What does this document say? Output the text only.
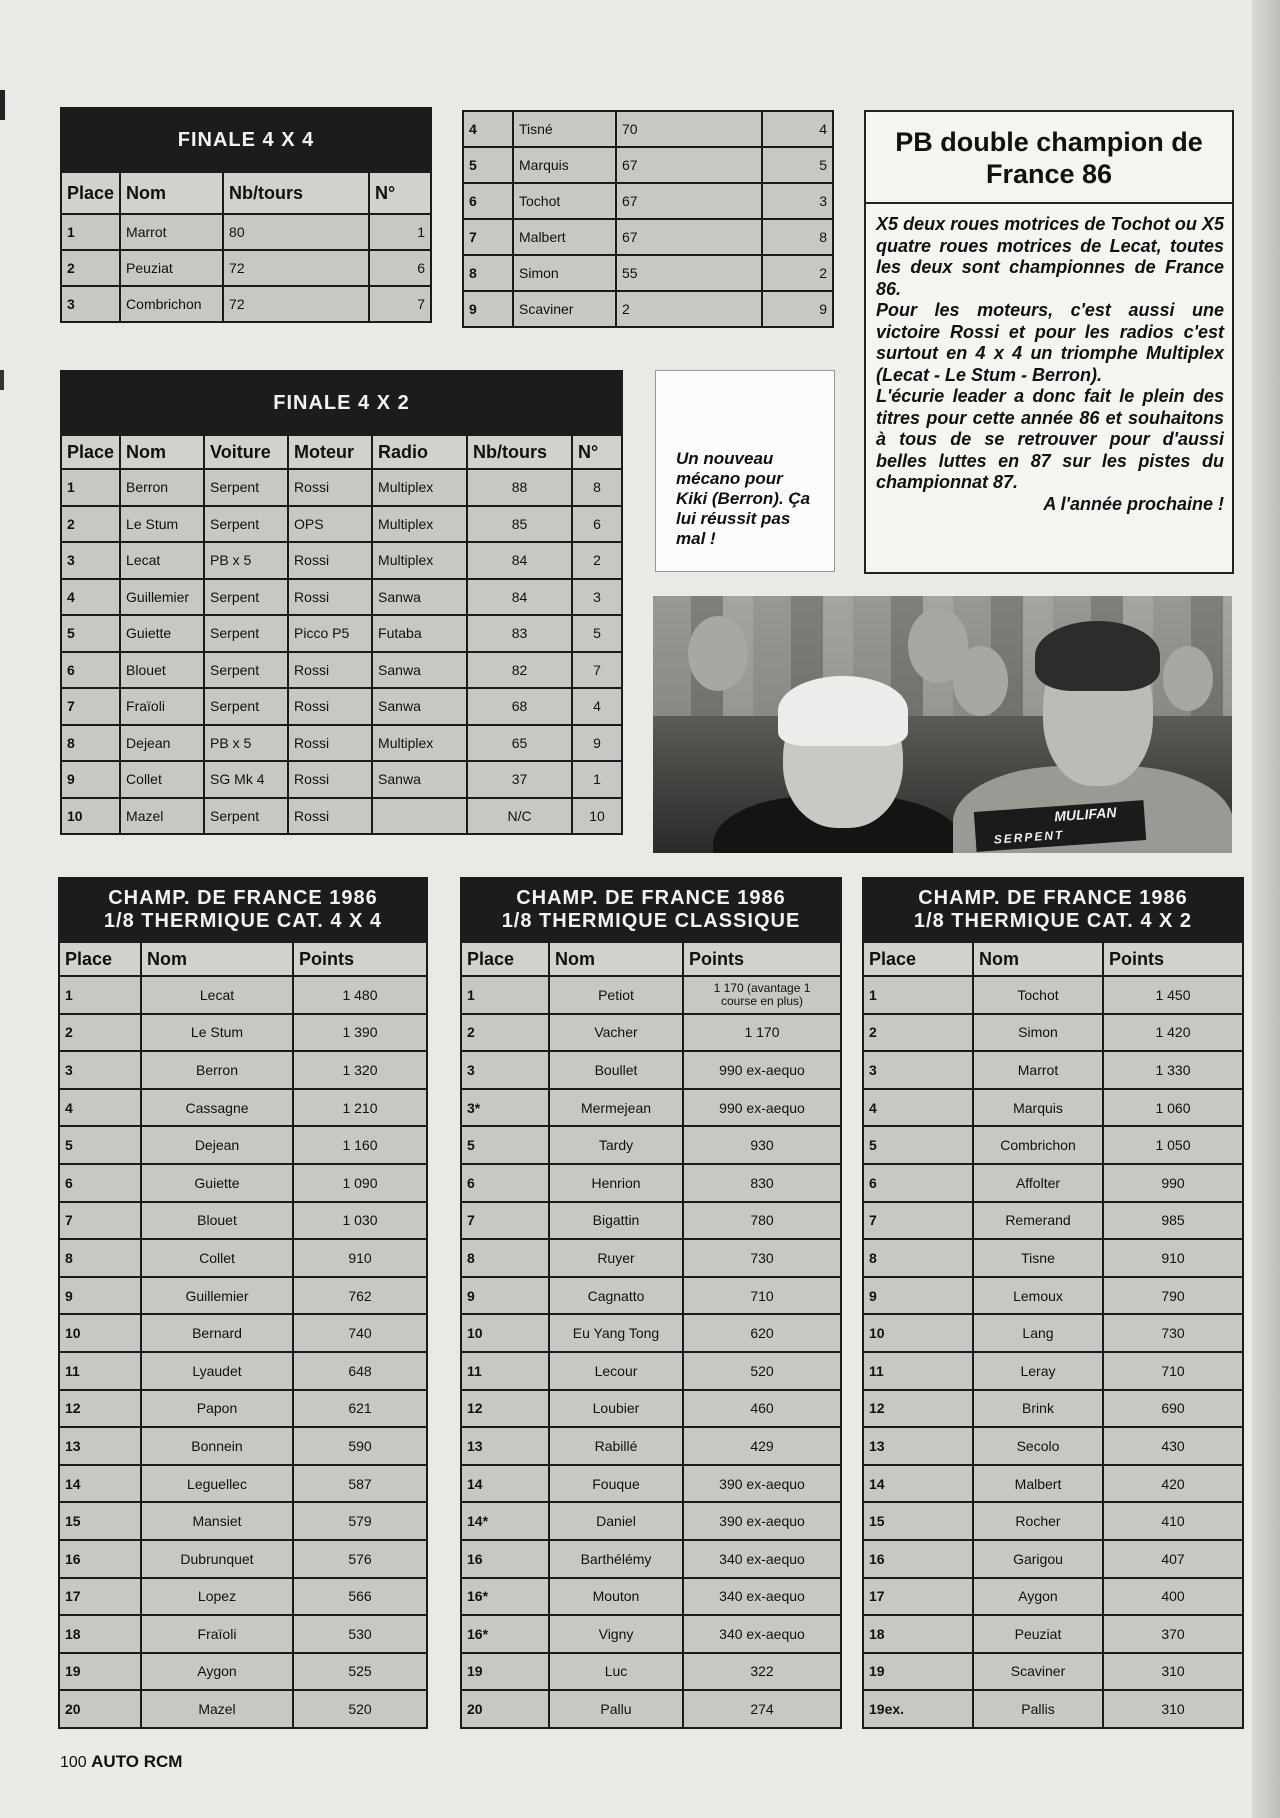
FINALE 4 X 4			
Place	Nom	Nb/tours	N°
1	Marrot	80	1
2	Peuziat	72	6
3	Combrichon	72	7
4	Tisné	70	4
5	Marquis	67	5
6	Tochot	67	3
7	Malbert	67	8
8	Simon	55	2
9	Scaviner	2	9
FINALE 4 X 2						
Place	Nom	Voiture	Moteur	Radio	Nb/tours	N°
1	Berron	Serpent	Rossi	Multiplex	88	8
2	Le Stum	Serpent	OPS	Multiplex	85	6
3	Lecat	PB x 5	Rossi	Multiplex	84	2
4	Guillemier	Serpent	Rossi	Sanwa	84	3
5	Guiette	Serpent	Picco P5	Futaba	83	5
6	Blouet	Serpent	Rossi	Sanwa	82	7
7	Fraïoli	Serpent	Rossi	Sanwa	68	4
8	Dejean	PB x 5	Rossi	Multiplex	65	9
9	Collet	SG Mk 4	Rossi	Sanwa	37	1
10	Mazel	Serpent	Rossi		N/C	10

Un nouveau mécano pour Kiki (Berron). Ça lui réussit pas mal !

PB double champion de France 86

X5 deux roues motrices de Tochot ou X5 quatre roues motrices de Lecat, toutes les deux sont championnes de France 86.

Pour les moteurs, c'est aussi une victoire Rossi et pour les radios c'est surtout en 4 x 4 un triomphe Multiplex (Lecat - Le Stum - Berron).

L'écurie leader a donc fait le plein des titres pour cette année 86 et souhaitons à tous de se retrouver pour d'aussi belles luttes en 87 sur les pistes du championnat 87.

A l'année prochaine !

MULIFAN
SERPENT
CHAMP. DE FRANCE 1986
1/8 THERMIQUE CAT. 4 X 4		
Place	Nom	Points
1	Lecat	1 480
2	Le Stum	1 390
3	Berron	1 320
4	Cassagne	1 210
5	Dejean	1 160
6	Guiette	1 090
7	Blouet	1 030
8	Collet	910
9	Guillemier	762
10	Bernard	740
11	Lyaudet	648
12	Papon	621
13	Bonnein	590
14	Leguellec	587
15	Mansiet	579
16	Dubrunquet	576
17	Lopez	566
18	Fraïoli	530
19	Aygon	525
20	Mazel	520
CHAMP. DE FRANCE 1986
1/8 THERMIQUE CLASSIQUE		
Place	Nom	Points
1	Petiot	1 170 (avantage 1
course en plus)
2	Vacher	1 170
3	Boullet	990 ex-aequo
3*	Mermejean	990 ex-aequo
5	Tardy	930
6	Henrion	830
7	Bigattin	780
8	Ruyer	730
9	Cagnatto	710
10	Eu Yang Tong	620
11	Lecour	520
12	Loubier	460
13	Rabillé	429
14	Fouque	390 ex-aequo
14*	Daniel	390 ex-aequo
16	Barthélémy	340 ex-aequo
16*	Mouton	340 ex-aequo
16*	Vigny	340 ex-aequo
19	Luc	322
20	Pallu	274
CHAMP. DE FRANCE 1986
1/8 THERMIQUE CAT. 4 X 2		
Place	Nom	Points
1	Tochot	1 450
2	Simon	1 420
3	Marrot	1 330
4	Marquis	1 060
5	Combrichon	1 050
6	Affolter	990
7	Remerand	985
8	Tisne	910
9	Lemoux	790
10	Lang	730
11	Leray	710
12	Brink	690
13	Secolo	430
14	Malbert	420
15	Rocher	410
16	Garigou	407
17	Aygon	400
18	Peuziat	370
19	Scaviner	310
19ex.	Pallis	310
100 AUTO RCM
